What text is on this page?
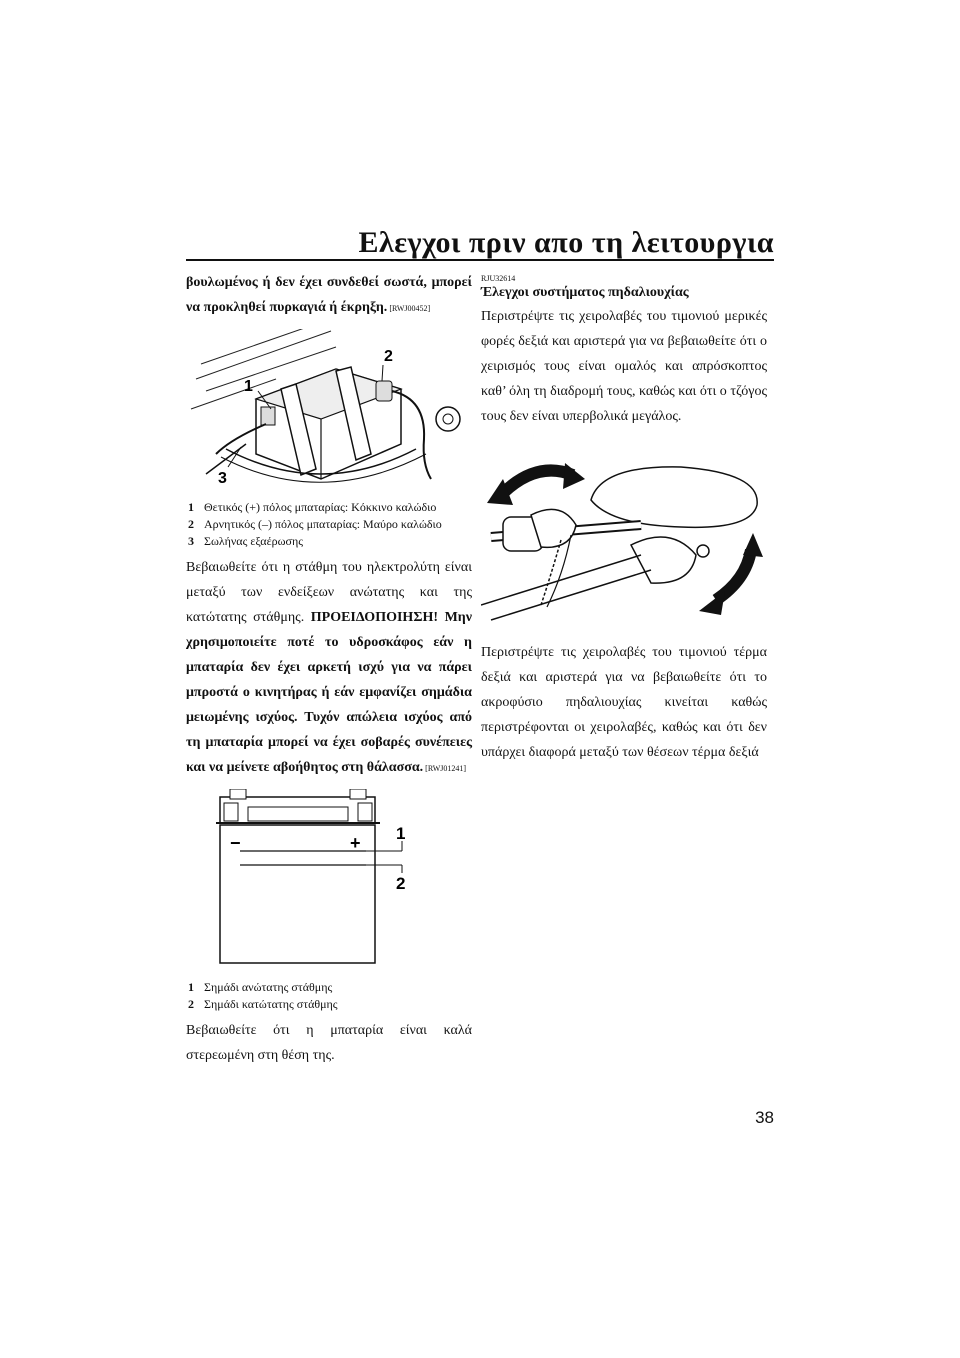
Ελεγχοι πριν απο τη λειτουργια

βουλωμένος ή δεν έχει συνδεθεί σωστά, μπορεί να προκληθεί πυρκαγιά ή έκρηξη. [RWJ00452]

1
2
3
1 Θετικός (+) πόλος μπαταρίας: Κόκκινο καλώδιο
2 Αρνητικός (–) πόλος μπαταρίας: Μαύρο καλώδιο
3 Σωλήνας εξαέρωσης

Βεβαιωθείτε ότι η στάθμη του ηλεκτρολύτη είναι μεταξύ των ενδείξεων ανώτατης και της κατώτατης στάθμης. ΠΡΟΕΙΔΟΠΟΙΗΣΗ! Μην χρησιμοποιείτε ποτέ το υδροσκάφος εάν η μπαταρία δεν έχει αρκετή ισχύ για να πάρει μπροστά ο κινητήρας ή εάν εμφανίζει σημάδια μειωμένης ισχύος. Τυχόν απώλεια ισχύος από τη μπαταρία μπορεί να έχει σοβαρές συνέπειες και να μείνετε αβοήθητος στη θάλασσα. [RWJ01241]

−	+ 1
2
1 Σημάδι ανώτατης στάθμης
2 Σημάδι κατώτατης στάθμης

Βεβαιωθείτε ότι η μπαταρία είναι καλά στερεωμένη στη θέση της.

RJU32614
Έλεγχοι συστήματος πηδαλιουχίας

Περιστρέψτε τις χειρολαβές του τιμονιού μερικές φορές δεξιά και αριστερά για να βεβαιωθείτε ότι ο χειρισμός τους είναι ομαλός και απρόσκοπτος καθ’ όλη τη διαδρομή τους, καθώς και ότι ο τζόγος τους δεν είναι υπερβολικά μεγάλος.

Περιστρέψτε τις χειρολαβές του τιμονιού τέρμα δεξιά και αριστερά για να βεβαιωθείτε ότι το ακροφύσιο πηδαλιουχίας κινείται καθώς περιστρέφονται οι χειρολαβές, καθώς και ότι δεν υπάρχει διαφορά μεταξύ των θέσεων τέρμα δεξιά

38
